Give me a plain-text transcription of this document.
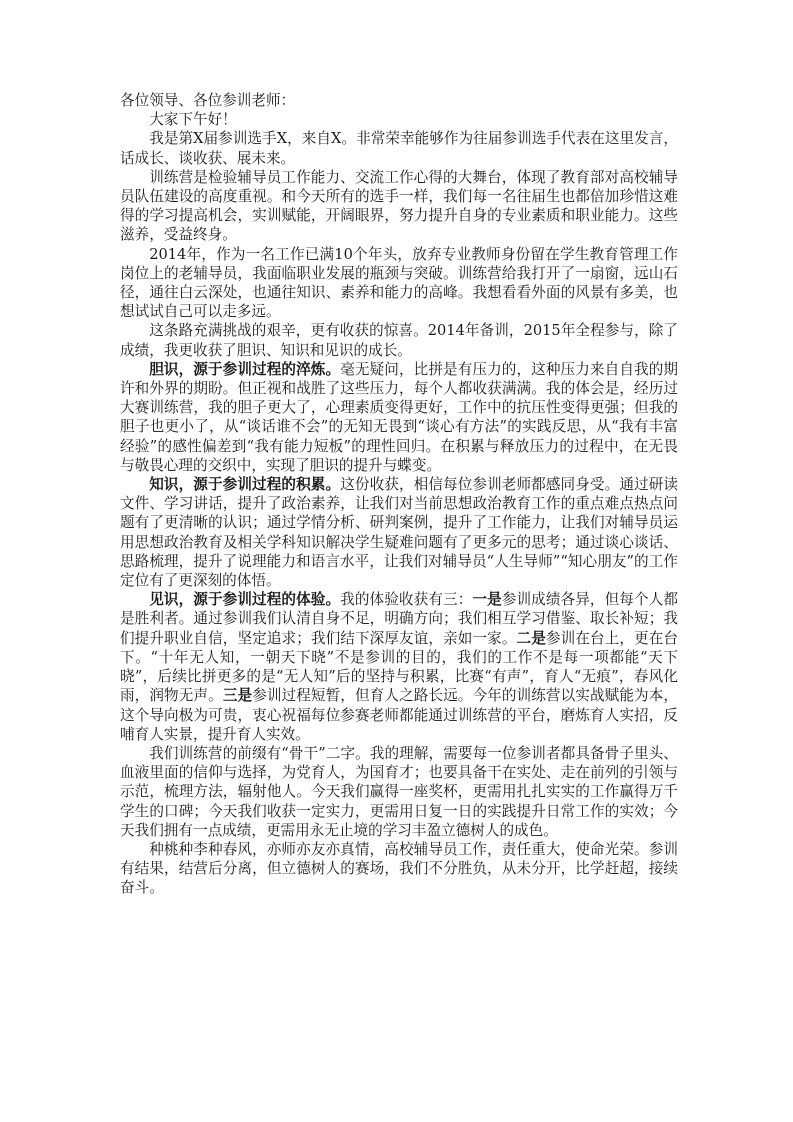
各位领导、各位参训老师：

大家下午好！

我是第X届参训选手X，来自X。非常荣幸能够作为往届参训选手代表在这里发言，话成长、谈收获、展未来。

训练营是检验辅导员工作能力、交流工作心得的大舞台，体现了教育部对高校辅导员队伍建设的高度重视。和今天所有的选手一样，我们每一名往届生也都倍加珍惜这难得的学习提高机会，实训赋能，开阔眼界，努力提升自身的专业素质和职业能力。这些滋养，受益终身。

2014年，作为一名工作已满10个年头，放弃专业教师身份留在学生教育管理工作岗位上的老辅导员，我面临职业发展的瓶颈与突破。训练营给我打开了一扇窗，远山石径，通往白云深处，也通往知识、素养和能力的高峰。我想看看外面的风景有多美，也想试试自己可以走多远。

这条路充满挑战的艰辛，更有收获的惊喜。2014年备训，2015年全程参与，除了成绩，我更收获了胆识、知识和见识的成长。

胆识，源于参训过程的淬炼。毫无疑问，比拼是有压力的，这种压力来自自我的期许和外界的期盼。但正视和战胜了这些压力，每个人都收获满满。我的体会是，经历过大赛训练营，我的胆子更大了，心理素质变得更好，工作中的抗压性变得更强；但我的胆子也更小了，从“谈话谁不会”的无知无畏到“谈心有方法”的实践反思，从“我有丰富经验”的感性偏差到“我有能力短板”的理性回归。在积累与释放压力的过程中，在无畏与敬畏心理的交织中，实现了胆识的提升与蝶变。

知识，源于参训过程的积累。这份收获，相信每位参训老师都感同身受。通过研读文件、学习讲话，提升了政治素养，让我们对当前思想政治教育工作的重点难点热点问题有了更清晰的认识；通过学情分析、研判案例，提升了工作能力，让我们对辅导员运用思想政治教育及相关学科知识解决学生疑难问题有了更多元的思考；通过谈心谈话、思路梳理，提升了说理能力和语言水平，让我们对辅导员“人生导师”“知心朋友”的工作定位有了更深刻的体悟。

见识，源于参训过程的体验。我的体验收获有三：一是参训成绩各异，但每个人都是胜利者。通过参训我们认清自身不足，明确方向；我们相互学习借鉴、取长补短；我们提升职业自信，坚定追求；我们结下深厚友谊，亲如一家。二是参训在台上，更在台下。“十年无人知，一朝天下晓”不是参训的目的，我们的工作不是每一项都能“天下晓”，后续比拼更多的是“无人知”后的坚持与积累，比赛“有声”，育人“无痕”，春风化雨，润物无声。三是参训过程短暂，但育人之路长远。今年的训练营以实战赋能为本，这个导向极为可贵，衷心祝福每位参赛老师都能通过训练营的平台，磨炼育人实招，反哺育人实景，提升育人实效。

我们训练营的前缀有“骨干”二字。我的理解，需要每一位参训者都具备骨子里头、血液里面的信仰与选择，为党育人，为国育才；也要具备干在实处、走在前列的引领与示范，梳理方法，辐射他人。今天我们赢得一座奖杯，更需用扎扎实实的工作赢得万千学生的口碑；今天我们收获一定实力，更需用日复一日的实践提升日常工作的实效；今天我们拥有一点成绩，更需用永无止境的学习丰盈立德树人的成色。

种桃种李种春风，亦师亦友亦真情，高校辅导员工作，责任重大，使命光荣。参训有结果，结营后分离，但立德树人的赛场，我们不分胜负，从未分开，比学赶超，接续奋斗。
